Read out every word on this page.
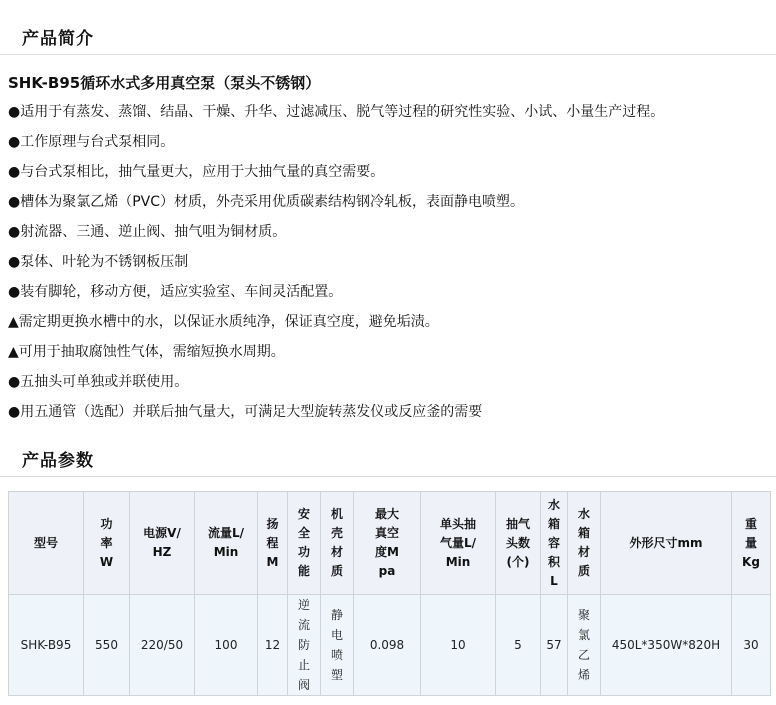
产品简介
SHK-B95循环水式多用真空泵（泵头不锈钢）
●适用于有蒸发、蒸馏、结晶、干燥、升华、过滤减压、脱气等过程的研究性实验、小试、小量生产过程。
●工作原理与台式泵相同。
●与台式泵相比，抽气量更大，应用于大抽气量的真空需要。
●槽体为聚氯乙烯（PVC）材质，外壳采用优质碳素结构钢冷轧板，表面静电喷塑。
●射流器、三通、逆止阀、抽气咀为铜材质。
●泵体、叶轮为不锈钢板压制
●装有脚轮，移动方便，适应实验室、车间灵活配置。
▲需定期更换水槽中的水，以保证水质纯净，保证真空度，避免垢渍。
▲可用于抽取腐蚀性气体，需缩短换水周期。
●五抽头可单独或并联使用。
●用五通管（选配）并联后抽气量大，可满足大型旋转蒸发仪或反应釜的需要
产品参数
型号	功率W	电源V/HZ	流量L/Min	扬程M	安全功能	机壳材质	最大真空度Mpa	单头抽气量L/Min	抽气头数(个)	水箱容积L	水箱材质	外形尺寸mm	重量Kg
SHK-B95	550	220/50	100	12	逆流防止阀	静电喷塑	0.098	10	5	57	聚氯乙烯	450L*350W*820H	30
